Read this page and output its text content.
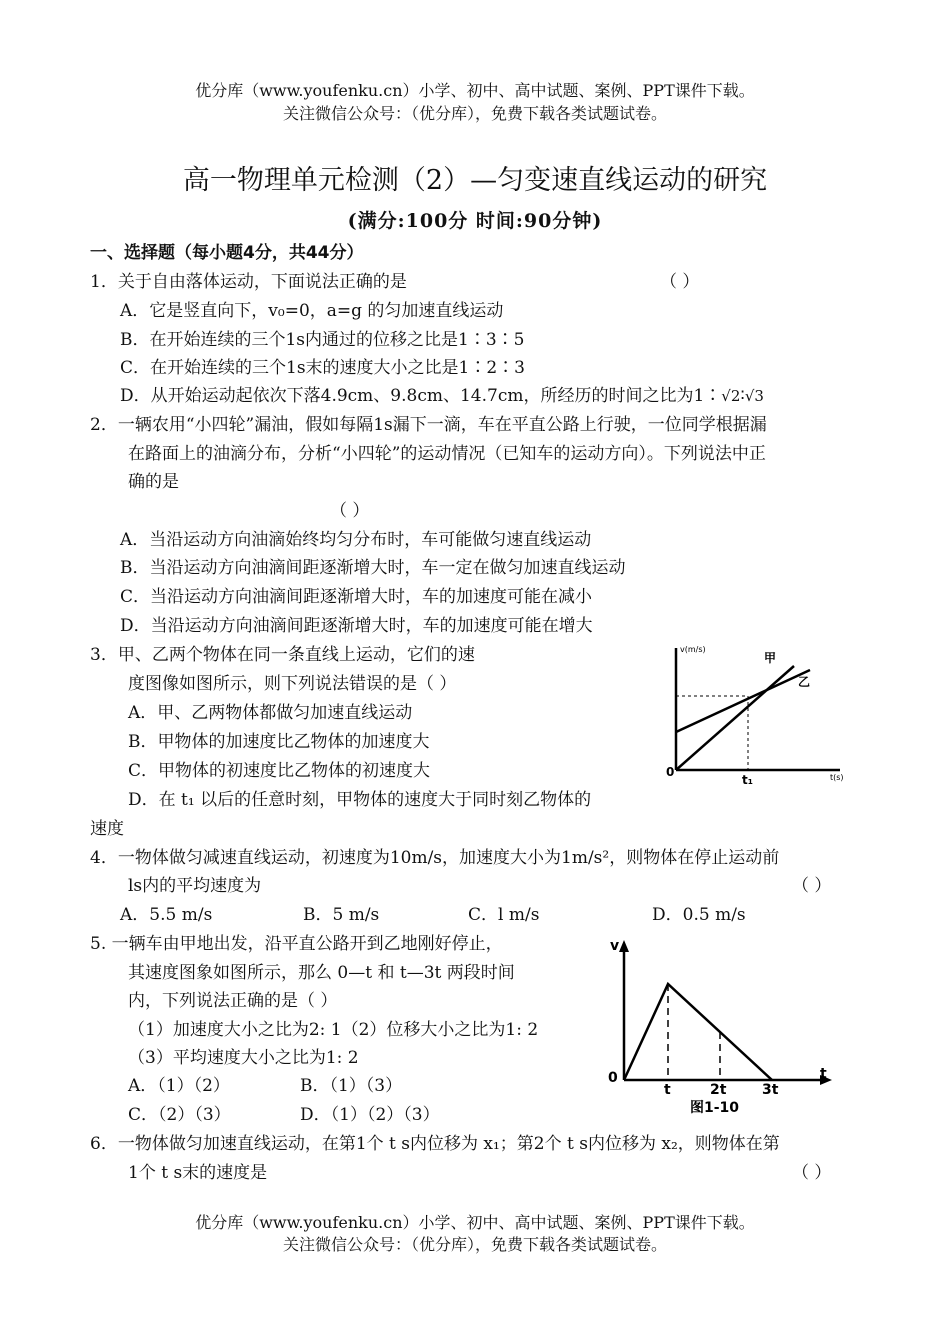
优分库（www.youfenku.cn）小学、初中、高中试题、案例、PPT课件下载。
关注微信公众号：（优分库），免费下载各类试题试卷。
高一物理单元检测（2）—匀变速直线运动的研究
(满分:100分 时间:90分钟)
一、选择题（每小题4分，共44分）
1．关于自由落体运动，下面说法正确的是	（ ）
A．它是竖直向下，v₀=0，a=g 的匀加速直线运动
B．在开始连续的三个1s内通过的位移之比是1∶3∶5
C．在开始连续的三个1s末的速度大小之比是1∶2∶3
D．从开始运动起依次下落4.9cm、9.8cm、14.7cm，所经历的时间之比为1∶√2∶√3
2．一辆农用“小四轮”漏油，假如每隔1s漏下一滴，车在平直公路上行驶，一位同学根据漏
在路面上的油滴分布，分析“小四轮”的运动情况（已知车的运动方向）。下列说法中正
确的是
（ ）
A．当沿运动方向油滴始终均匀分布时，车可能做匀速直线运动
B．当沿运动方向油滴间距逐渐增大时，车一定在做匀加速直线运动
C．当沿运动方向油滴间距逐渐增大时，车的加速度可能在减小
D．当沿运动方向油滴间距逐渐增大时，车的加速度可能在增大
3．甲、乙两个物体在同一条直线上运动，它们的速
度图像如图所示，则下列说法错误的是（ ）
A．甲、乙两物体都做匀加速直线运动
B．甲物体的加速度比乙物体的加速度大
C．甲物体的初速度比乙物体的初速度大
D．在 t₁ 以后的任意时刻，甲物体的速度大于同时刻乙物体的
速度
v(m/s)
t(s)
0
t₁
甲
乙
4．一物体做匀减速直线运动，初速度为10m/s，加速度大小为1m/s²，则物体在停止运动前
ls内的平均速度为	（ ）
A．5.5 m/s	B．5 m/s	C．l m/s	D．0.5 m/s
5. 一辆车由甲地出发，沿平直公路开到乙地刚好停止，
其速度图象如图所示，那么 0—t 和 t—3t 两段时间
内，下列说法正确的是（ ）
（1）加速度大小之比为2: 1（2）位移大小之比为1: 2
（3）平均速度大小之比为1: 2
A．（1）（2）	B．（1）（3）
C．（2）（3）	D．（1）（2）（3）
v
t
0
t	2t	3t
图1-10
6．一物体做匀加速直线运动，在第1个 t s内位移为 x₁；第2个 t s内位移为 x₂，则物体在第
1个 t s末的速度是	（ ）
优分库（www.youfenku.cn）小学、初中、高中试题、案例、PPT课件下载。
关注微信公众号：（优分库），免费下载各类试题试卷。
